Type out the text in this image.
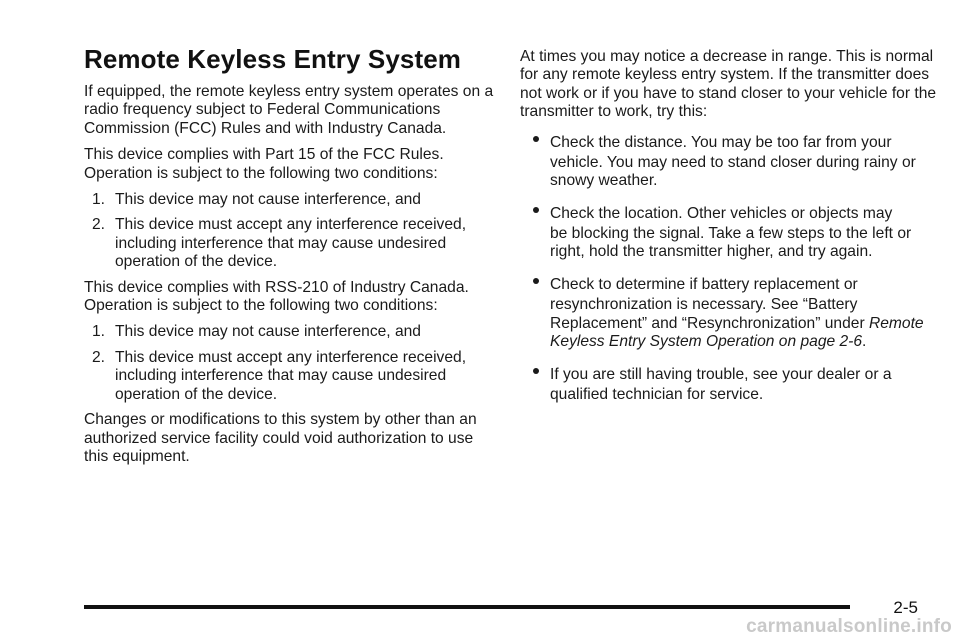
Remote Keyless Entry System

If equipped, the remote keyless entry system operates on a radio frequency subject to Federal Communications Commission (FCC) Rules and with Industry Canada.

This device complies with Part 15 of the FCC Rules. Operation is subject to the following two conditions:

1. This device may not cause interference, and
2. This device must accept any interference received, including interference that may cause undesired operation of the device.

This device complies with RSS-210 of Industry Canada. Operation is subject to the following two conditions:

1. This device may not cause interference, and
2. This device must accept any interference received, including interference that may cause undesired operation of the device.

Changes or modifications to this system by other than an authorized service facility could void authorization to use this equipment.

At times you may notice a decrease in range. This is normal for any remote keyless entry system. If the transmitter does not work or if you have to stand closer to your vehicle for the transmitter to work, try this:

Check the distance. You may be too far from your
vehicle. You may need to stand closer during rainy or snowy weather.
Check the location. Other vehicles or objects may
be blocking the signal. Take a few steps to the left or right, hold the transmitter higher, and try again.
Check to determine if battery replacement or
resynchronization is necessary. See “Battery Replacement” and “Resynchronization” under Remote Keyless Entry System Operation on page 2-6.
If you are still having trouble, see your dealer or a
qualified technician for service.
2-5
carmanualsonline.info
